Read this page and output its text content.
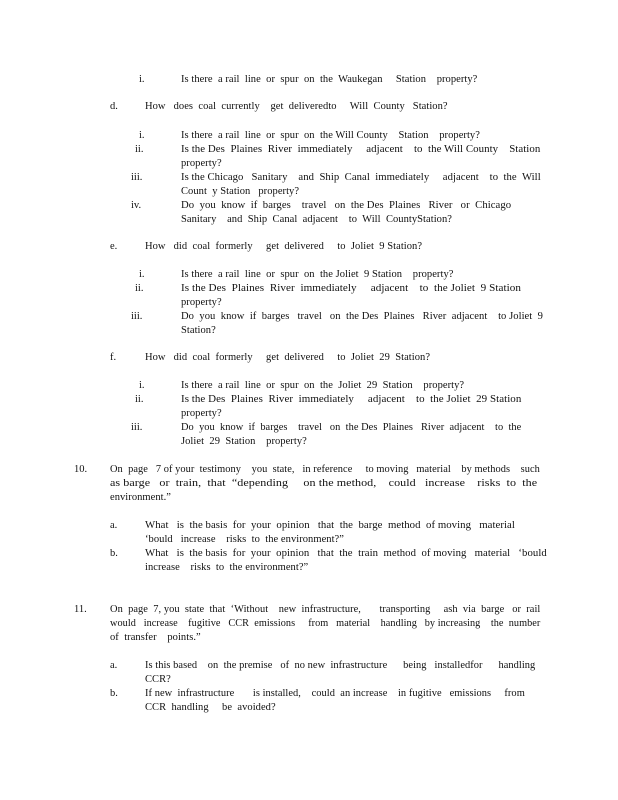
i.	Is there  a rail  line  or  spur  on  the  Waukegan     Station    property?
d.	How   does  coal  currently    get  deliveredto     Will  County   Station?
i.	Is there  a rail  line  or  spur  on  the Will County    Station    property?
ii.	Is the Des  Plaines  River  immediately     adjacent    to  the Will County    Station
property?
iii.	Is the Chicago   Sanitary    and  Ship  Canal  immediately     adjacent    to  the  Will
Count  y Station   property?
iv.	Do  you  know  if  barges    travel   on  the Des  Plaines   River   or  Chicago
Sanitary    and  Ship  Canal  adjacent    to  Will  CountyStation?
e.	How   did  coal  formerly     get  delivered     to  Joliet  9 Station?
i.	Is there  a rail  line  or  spur  on  the Joliet  9 Station    property?
ii.	Is the Des  Plaines  River  immediately     adjacent    to  the Joliet  9 Station
property?
iii.	Do  you  know  if  barges   travel   on  the Des  Plaines   River  adjacent    to Joliet  9
Station?
f.	How   did  coal  formerly     get  delivered     to  Joliet  29  Station?
i.	Is there  a rail  line  or  spur  on  the  Joliet  29  Station    property?
ii.	Is the Des  Plaines  River  immediately     adjacent    to  the Joliet  29 Station
property?
iii.	Do  you  know  if  barges    travel   on  the Des  Plaines   River  adjacent    to  the
Joliet  29  Station    property?
10. On  page   7 of your  testimony    you  state,   in reference     to moving   material    by methods    such
as barge   or  train,  that  “depending     on the method,    could   increase    risks  to  the
environment.”
a.	What   is  the basis  for  your  opinion   that  the  barge  method  of moving   material
‘bould   increase    risks  to  the environment?”
b.	What   is  the basis  for  your  opinion   that  the  train  method  of moving   material   ‘bould
increase    risks  to  the environment?”
11. On  page  7, you  state  that  ‘Without    new  infrastructure,       transporting     ash  via  barge   or  rail
would   increase    fugitive   CCR  emissions     from   material    handling   by increasing    the  number
of  transfer    points.”
a.	Is this based    on  the premise   of  no new  infrastructure      being   installedfor      handling
CCR?
b.	If new  infrastructure       is installed,    could  an increase    in fugitive   emissions     from
CCR  handling     be  avoided?
